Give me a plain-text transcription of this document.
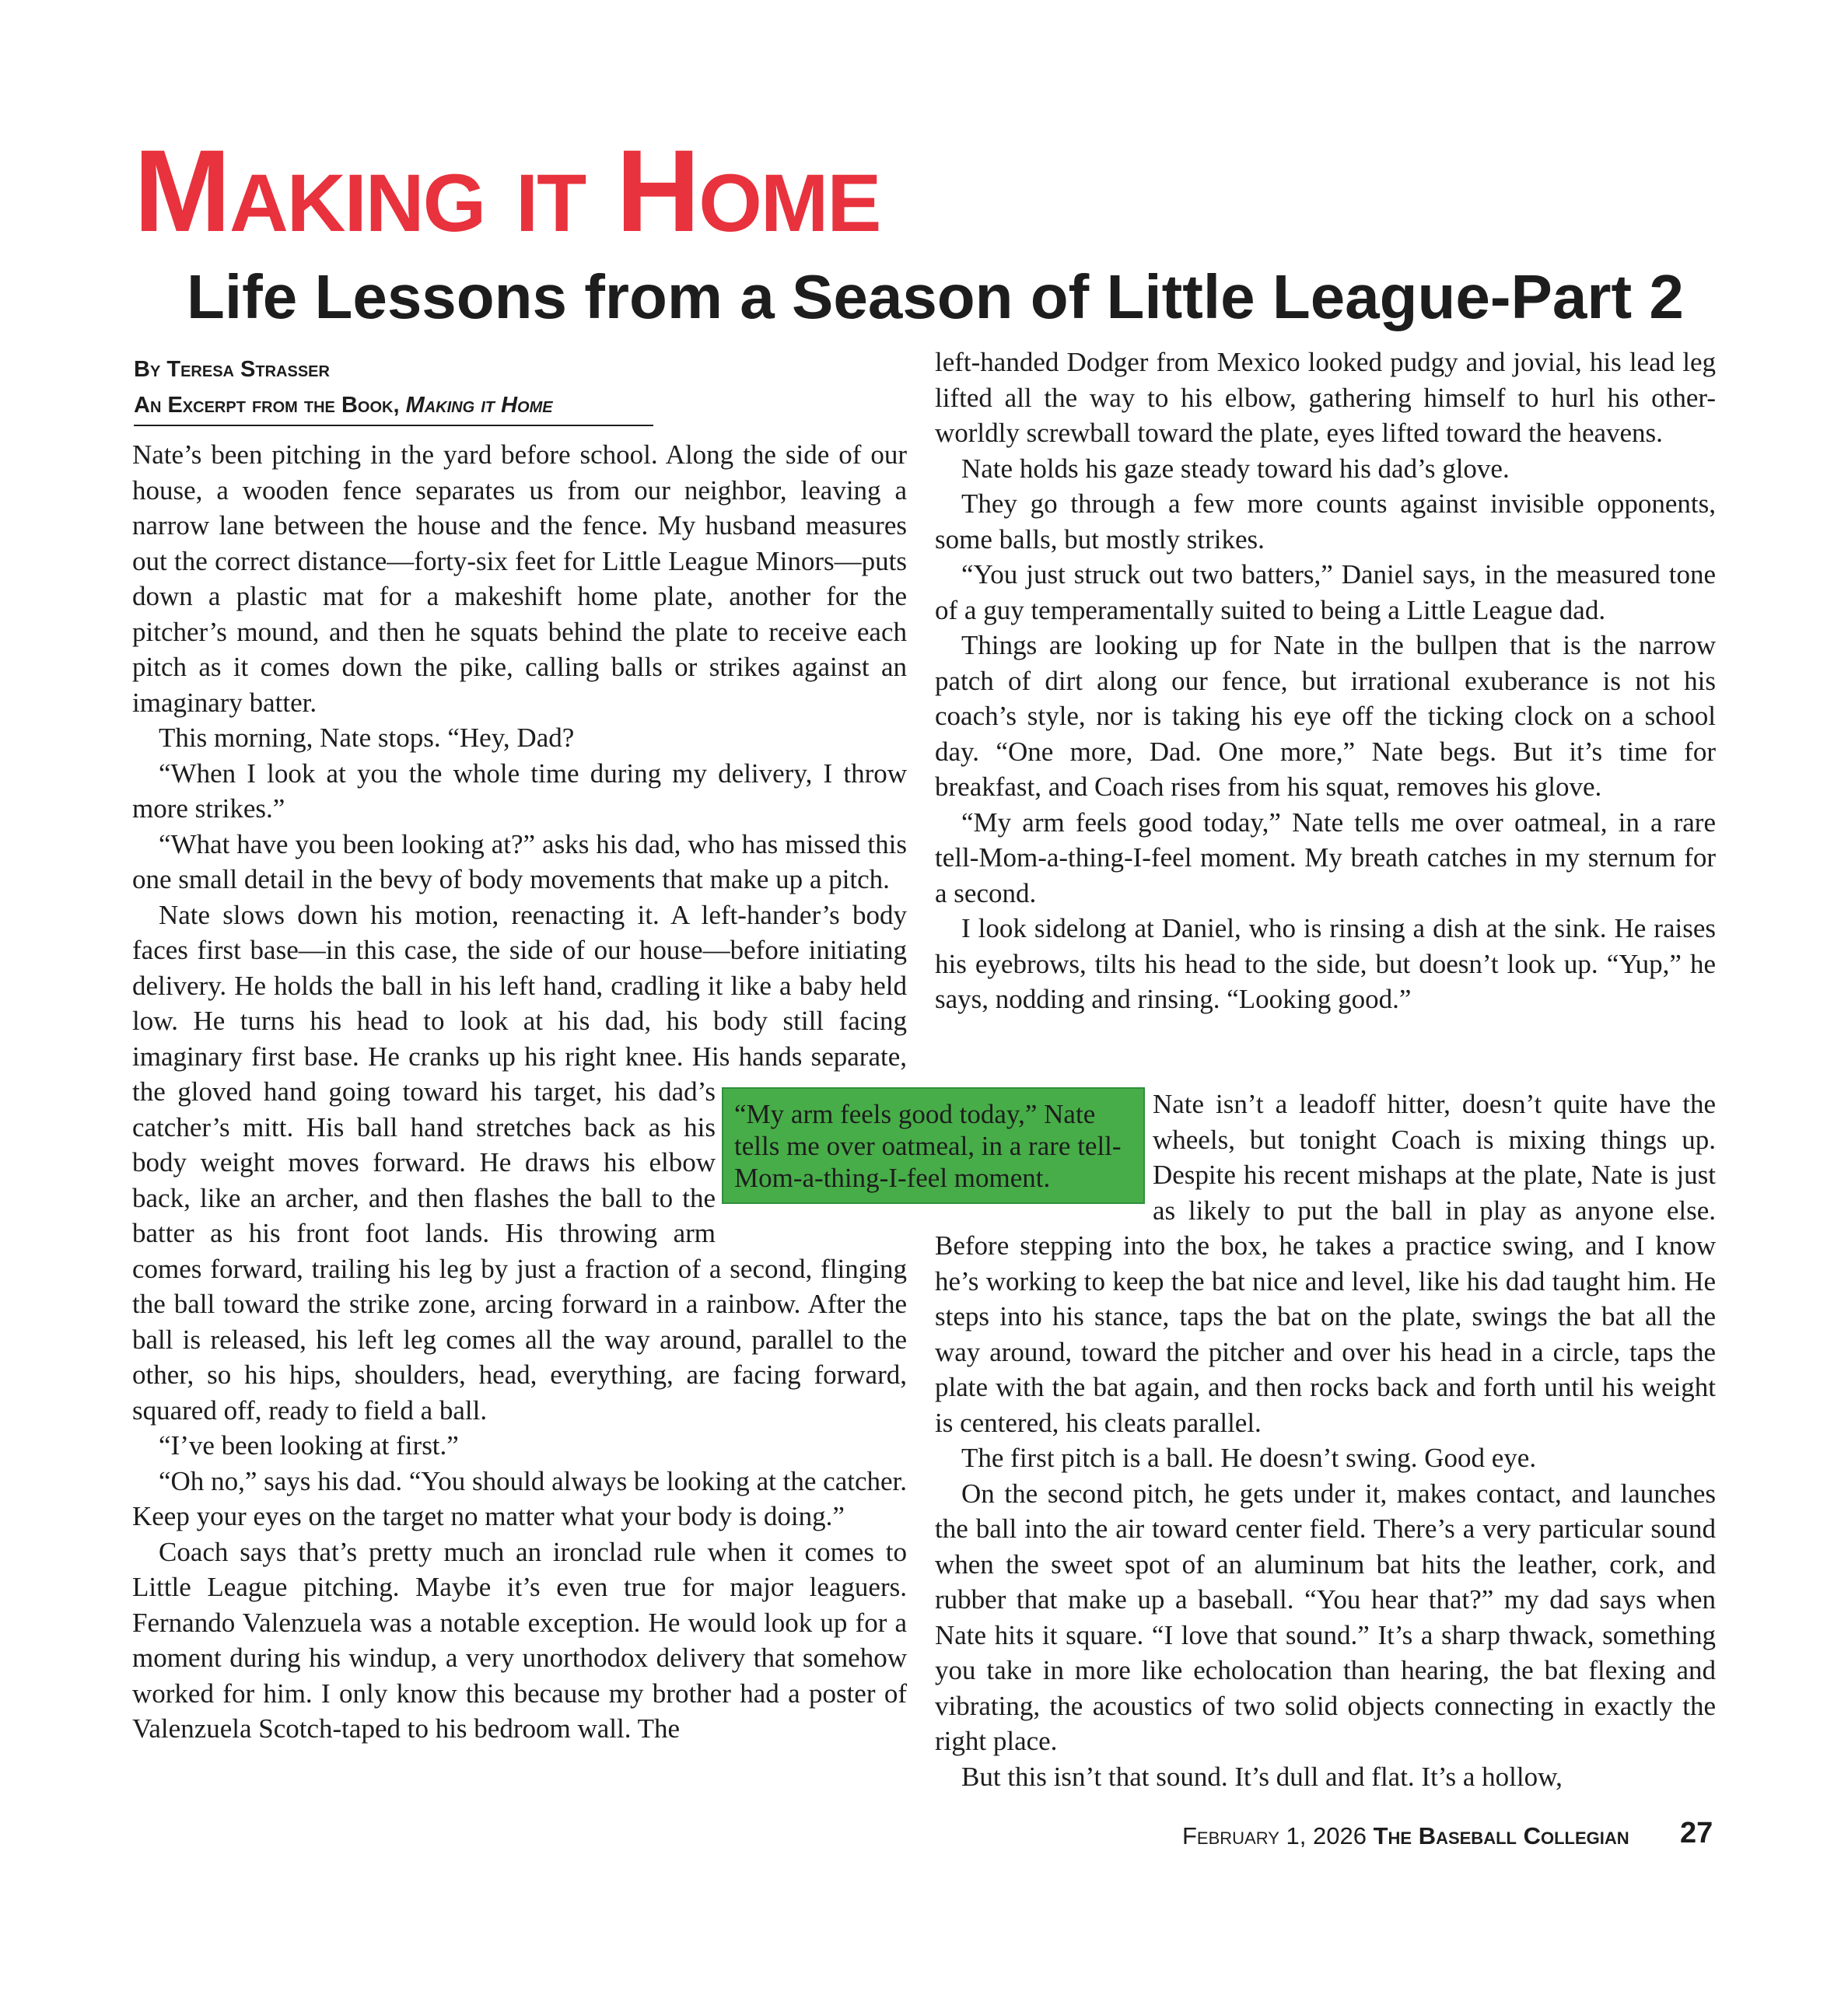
Making it Home
Life Lessons from a Season of Little League-Part 2
By Teresa Strasser
An Excerpt from the Book, Making it Home

Nate’s been pitching in the yard before school. Along the side of our house, a wooden fence separates us from our neighbor, leaving a narrow lane between the house and the fence. My husband measures out the correct distance—forty-six feet for Little League Minors—puts down a plastic mat for a makeshift home plate, another for the pitcher’s mound, and then he squats behind the plate to receive each pitch as it comes down the pike, calling balls or strikes against an imaginary batter.

This morning, Nate stops. “Hey, Dad?

“When I look at you the whole time during my delivery, I throw more strikes.”

“What have you been looking at?” asks his dad, who has missed this one small detail in the bevy of body movements that make up a pitch.

Nate slows down his motion, reenacting it. A left-hander’s body faces first base—in this case, the side of our house—before initiating delivery. He holds the ball in his left hand, cradling it like a baby held low. He turns his head to look at his dad, his body still facing imaginary first base. He cranks up his right knee. His hands separate, the gloved hand going toward his target, his dad’s catcher’s mitt. His ball hand stretches back as his body weight moves forward. He draws his elbow back, like an archer, and then flashes the ball to the batter as his front foot lands. His throwing arm comes forward, trailing his leg by just a fraction of a second, flinging the ball toward the strike zone, arcing forward in a rainbow. After the ball is released, his left leg comes all the way around, parallel to the other, so his hips, shoulders, head, everything, are facing forward, squared off, ready to field a ball.

“I’ve been looking at first.”

“Oh no,” says his dad. “You should always be looking at the catcher. Keep your eyes on the target no matter what your body is doing.”

Coach says that’s pretty much an ironclad rule when it comes to Little League pitching. Maybe it’s even true for major leaguers. Fernando Valenzuela was a notable exception. He would look up for a moment during his windup, a very unorthodox delivery that somehow worked for him. I only know this because my brother had a poster of Valenzuela Scotch-taped to his bedroom wall. The

left-handed Dodger from Mexico looked pudgy and jovial, his lead leg lifted all the way to his elbow, gathering himself to hurl his other-worldly screwball toward the plate, eyes lifted toward the heavens.

Nate holds his gaze steady toward his dad’s glove.

They go through a few more counts against invisible opponents, some balls, but mostly strikes.

“You just struck out two batters,” Daniel says, in the measured tone of a guy temperamentally suited to being a Little League dad.

Things are looking up for Nate in the bullpen that is the narrow patch of dirt along our fence, but irrational exuberance is not his coach’s style, nor is taking his eye off the ticking clock on a school day. “One more, Dad. One more,” Nate begs. But it’s time for breakfast, and Coach rises from his squat, removes his glove.

“My arm feels good today,” Nate tells me over oatmeal, in a rare tell-Mom-a-thing-I-feel moment. My breath catches in my sternum for a second.

I look sidelong at Daniel, who is rinsing a dish at the sink. He raises his eyebrows, tilts his head to the side, but doesn’t look up. “Yup,” he says, nodding and rinsing. “Looking good.”

Nate isn’t a leadoff hitter, doesn’t quite have the wheels, but tonight Coach is mixing things up. Despite his recent mishaps at the plate, Nate is just as likely to put the ball in play as anyone else. Before stepping into the box, he takes a practice swing, and I know he’s working to keep the bat nice and level, like his dad taught him. He steps into his stance, taps the bat on the plate, swings the bat all the way around, toward the pitcher and over his head in a circle, taps the plate with the bat again, and then rocks back and forth until his weight is centered, his cleats parallel.

The first pitch is a ball. He doesn’t swing. Good eye.

On the second pitch, he gets under it, makes contact, and launches the ball into the air toward center field. There’s a very particular sound when the sweet spot of an aluminum bat hits the leather, cork, and rubber that make up a baseball. “You hear that?” my dad says when Nate hits it square. “I love that sound.” It’s a sharp thwack, something you take in more like echolocation than hearing, the bat flexing and vibrating, the acoustics of two solid objects connecting in exactly the right place.

But this isn’t that sound. It’s dull and flat. It’s a hollow,

“My arm feels good today,” Nate tells me over oatmeal, in a rare tell-Mom-a-thing-I-feel moment.
February 1, 2026 The Baseball Collegian 27
